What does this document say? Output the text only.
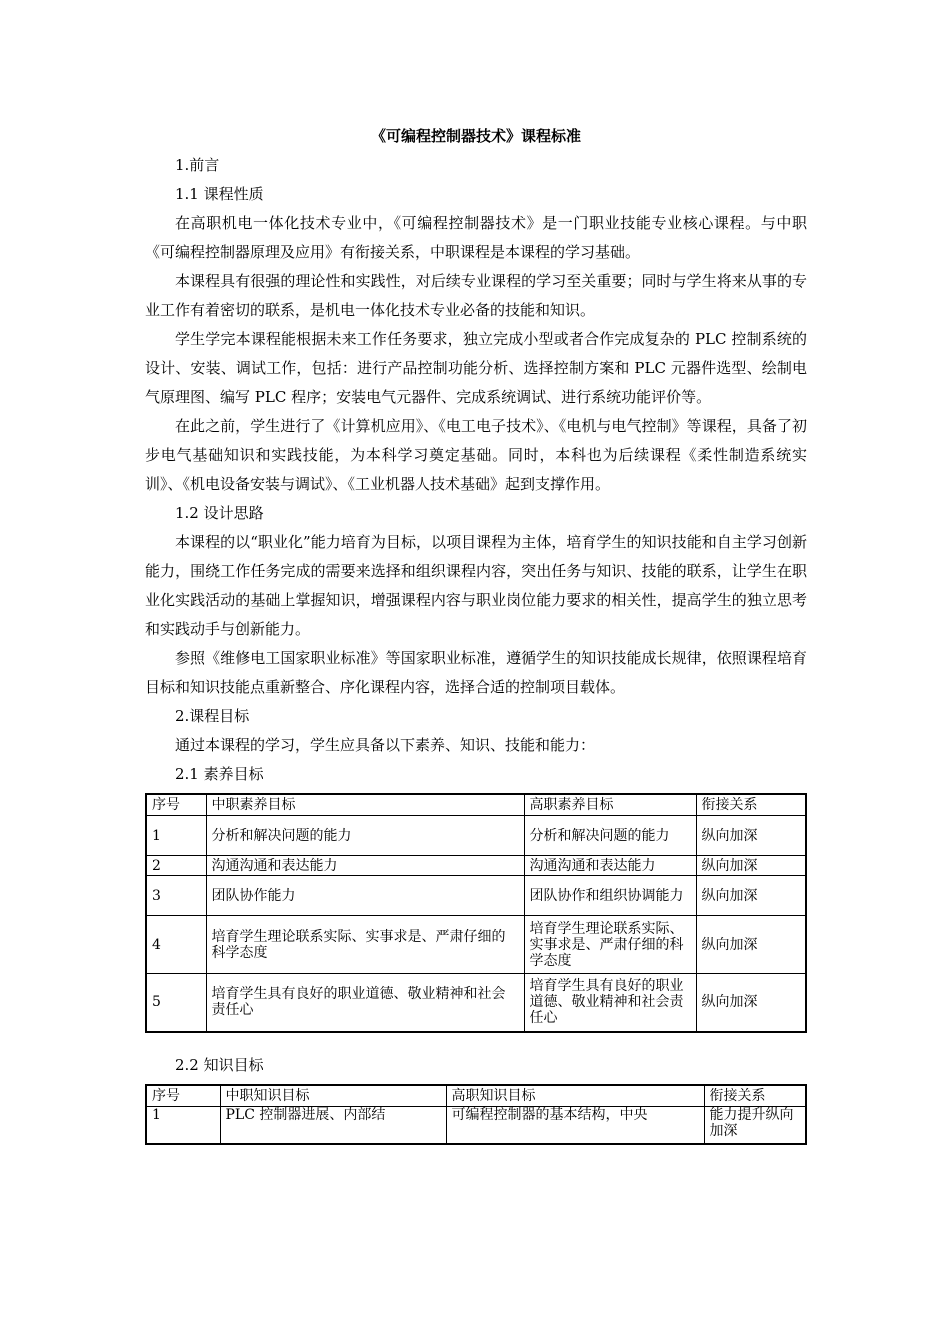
《可编程控制器技术》课程标准

1.前言

1.1 课程性质

在高职机电一体化技术专业中，《可编程控制器技术》是一门职业技能专业核心课程。与中职《可编程控制器原理及应用》有衔接关系，中职课程是本课程的学习基础。

本课程具有很强的理论性和实践性，对后续专业课程的学习至关重要；同时与学生将来从事的专业工作有着密切的联系，是机电一体化技术专业必备的技能和知识。

学生学完本课程能根据未来工作任务要求，独立完成小型或者合作完成复杂的 PLC 控制系统的设计、安装、调试工作，包括：进行产品控制功能分析、选择控制方案和 PLC 元器件选型、绘制电气原理图、编写 PLC 程序；安装电气元器件、完成系统调试、进行系统功能评价等。

在此之前，学生进行了《计算机应用》、《电工电子技术》、《电机与电气控制》等课程，具备了初步电气基础知识和实践技能，为本科学习奠定基础。同时，本科也为后续课程《柔性制造系统实训》、《机电设备安装与调试》、《工业机器人技术基础》起到支撑作用。

1.2 设计思路

本课程的以“职业化”能力培育为目标，以项目课程为主体，培育学生的知识技能和自主学习创新能力，围绕工作任务完成的需要来选择和组织课程内容，突出任务与知识、技能的联系，让学生在职业化实践活动的基础上掌握知识，增强课程内容与职业岗位能力要求的相关性，提高学生的独立思考和实践动手与创新能力。

参照《维修电工国家职业标准》等国家职业标准，遵循学生的知识技能成长规律，依照课程培育目标和知识技能点重新整合、序化课程内容，选择合适的控制项目载体。

2.课程目标

通过本课程的学习，学生应具备以下素养、知识、技能和能力：

2.1 素养目标

序号	中职素养目标	高职素养目标	衔接关系
1	分析和解决问题的能力	分析和解决问题的能力	纵向加深
2	沟通沟通和表达能力	沟通沟通和表达能力	纵向加深
3	团队协作能力	团队协作和组织协调能力	纵向加深
4	培育学生理论联系实际、实事求是、严肃仔细的科学态度	培育学生理论联系实际、实事求是、严肃仔细的科学态度	纵向加深
5	培育学生具有良好的职业道德、敬业精神和社会责任心	培育学生具有良好的职业道德、敬业精神和社会责任心	纵向加深

2.2 知识目标

序号	中职知识目标	高职知识目标	衔接关系
1	PLC 控制器进展、内部结	可编程控制器的基本结构，中央	能力提升纵向加深
